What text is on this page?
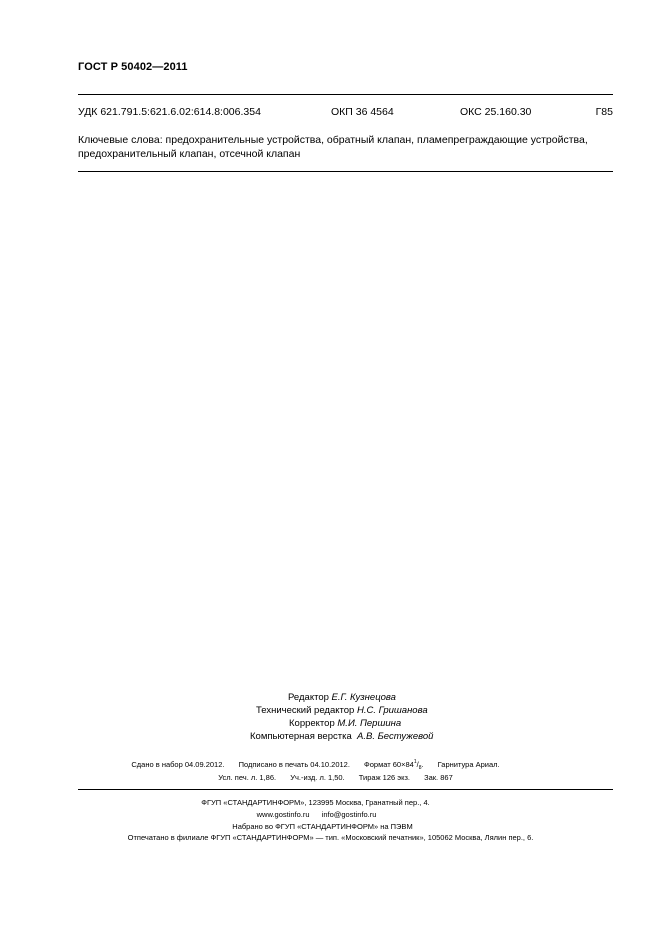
ГОСТ Р 50402—2011
УДК 621.791.5:621.6.02:614.8:006.354	ОКП 36 4564	ОКС 25.160.30	Г85
Ключевые слова: предохранительные устройства, обратный клапан, пламепреграждающие устройства,
предохранительный клапан, отсечной клапан
Редактор Е.Г. Кузнецова
Технический редактор Н.С. Гришанова
Корректор М.И. Першина
Компьютерная верстка А.В. Бестужевой
Сдано в набор 04.09.2012. Подписано в печать 04.10.2012. Формат $60\times 84^1/_8$. Гарнитура Ариал.
Усл. печ. л. 1,86. Уч.-изд. л. 1,50. Тираж 126 экз. Зак. 867
ФГУП «СТАНДАРТИНФОРМ», 123995 Москва, Гранатный пер., 4.
www.gostinfo.ru info@gostinfo.ru
Набрано во ФГУП «СТАНДАРТИНФОРМ» на ПЭВМ
Отпечатано в филиале ФГУП «СТАНДАРТИНФОРМ» — тип. «Московский печатник», 105062 Москва, Лялин пер., 6.
